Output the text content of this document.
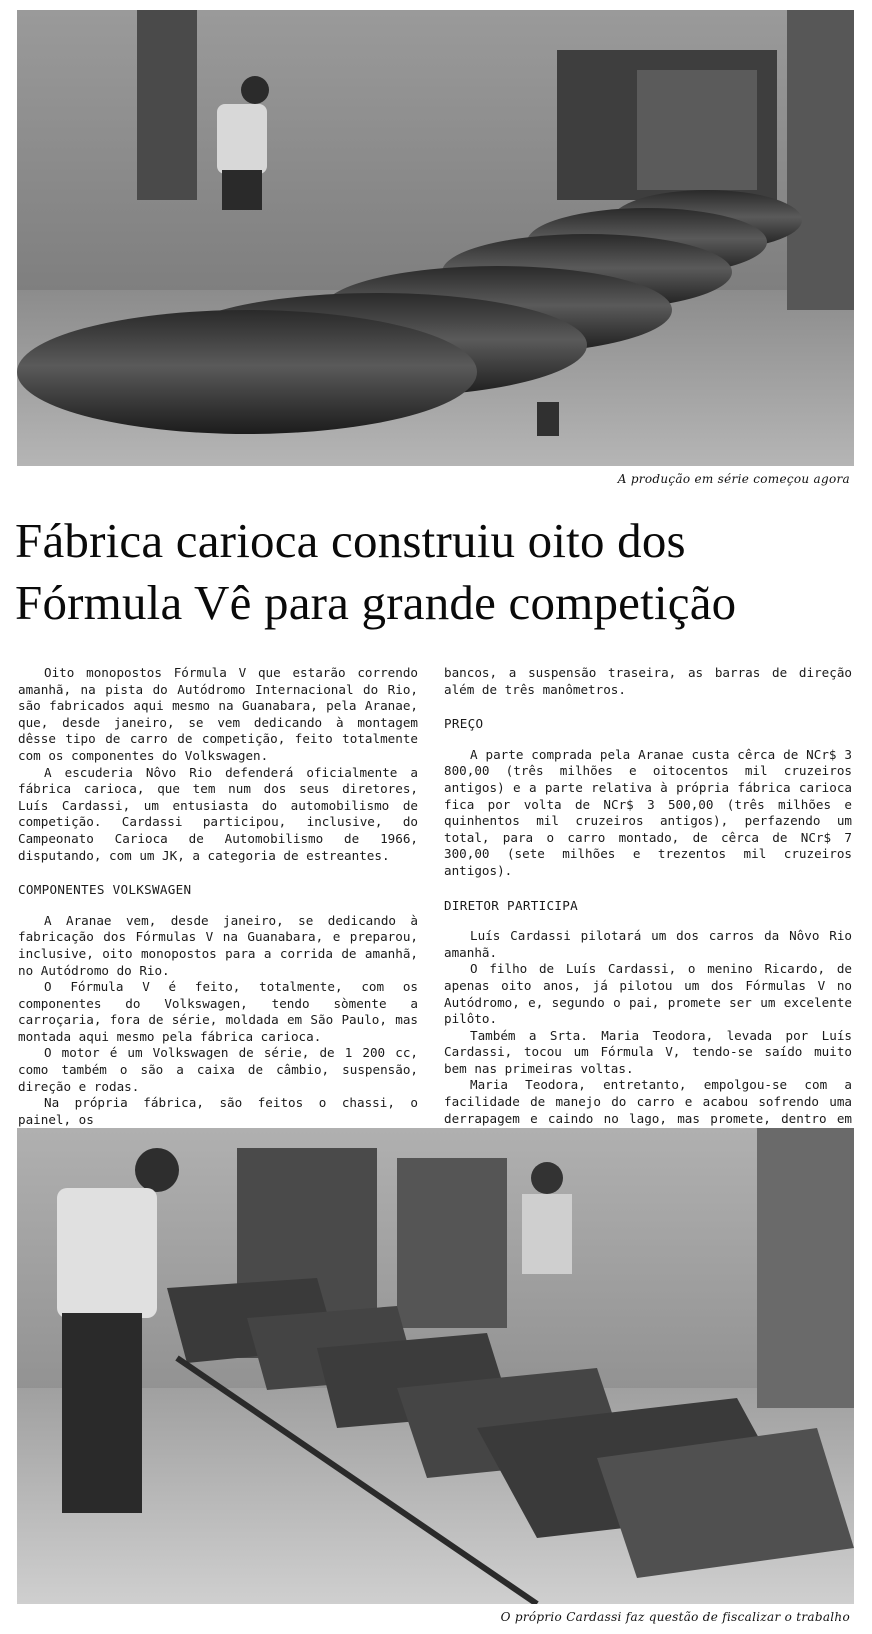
A produção em série começou agora
Fábrica carioca construiu oito dos
Fórmula Vê para grande competição

Oito monopostos Fórmula V que estarão correndo amanhã, na pista do Autódromo Internacional do Rio, são fabricados aqui mesmo na Guanabara, pela Aranae, que, desde janeiro, se vem dedicando à montagem dêsse tipo de carro de competição, feito totalmente com os componentes do Volkswagen.

A escuderia Nôvo Rio defenderá oficialmente a fábrica carioca, que tem num dos seus diretores, Luís Cardassi, um entusiasta do automobilismo de competição. Cardassi participou, inclusive, do Campeonato Carioca de Automobilismo de 1966, disputando, com um JK, a categoria de estreantes.

COMPONENTES VOLKSWAGEN

A Aranae vem, desde janeiro, se dedicando à fabricação dos Fórmulas V na Guanabara, e preparou, inclusive, oito monopostos para a corrida de amanhã, no Autódromo do Rio.

O Fórmula V é feito, totalmente, com os componentes do Volkswagen, tendo sòmente a carroçaria, fora de série, moldada em São Paulo, mas montada aqui mesmo pela fábrica carioca.

O motor é um Volkswagen de série, de 1 200 cc, como também o são a caixa de câmbio, suspensão, direção e rodas.

Na própria fábrica, são feitos o chassi, o painel, os

bancos, a suspensão traseira, as barras de direção além de três manômetros.

PREÇO

A parte comprada pela Aranae custa cêrca de NCr$ 3 800,00 (três milhões e oitocentos mil cruzeiros antigos) e a parte relativa à própria fábrica carioca fica por volta de NCr$ 3 500,00 (três milhões e quinhentos mil cruzeiros antigos), perfazendo um total, para o carro montado, de cêrca de NCr$ 7 300,00 (sete milhões e trezentos mil cruzeiros antigos).

DIRETOR PARTICIPA

Luís Cardassi pilotará um dos carros da Nôvo Rio amanhã.

O filho de Luís Cardassi, o menino Ricardo, de apenas oito anos, já pilotou um dos Fórmulas V no Autódromo, e, segundo o pai, promete ser um excelente pilôto.

Também a Srta. Maria Teodora, levada por Luís Cardassi, tocou um Fórmula V, tendo-se saído muito bem nas primeiras voltas.

Maria Teodora, entretanto, empolgou-se com a facilidade de manejo do carro e acabou sofrendo uma derrapagem e caindo no lago, mas promete, dentro em

O próprio Cardassi faz questão de fiscalizar o trabalho
